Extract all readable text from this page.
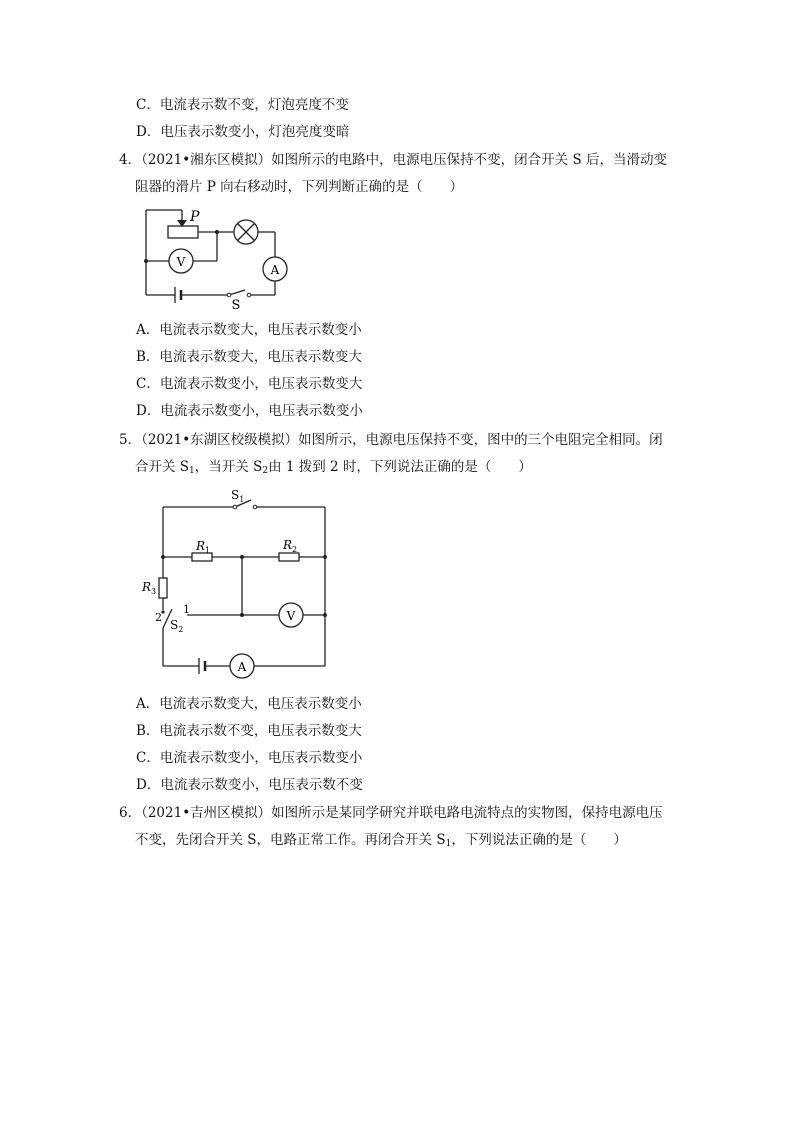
C．电流表示数不变，灯泡亮度不变
D．电压表示数变小，灯泡亮度变暗
4．（2021•湘东区模拟）如图所示的电路中，电源电压保持不变，闭合开关 S 后，当滑动变
阻器的滑片 P 向右移动时，下列判断正确的是（　　）
P
V
A
S
A．电流表示数变大，电压表示数变小
B．电流表示数变大，电压表示数变大
C．电流表示数变小，电压表示数变大
D．电流表示数变小，电压表示数变小
5．（2021•东湖区校级模拟）如图所示，电源电压保持不变，图中的三个电阻完全相同。闭
合开关 $S_1$，当开关 $S_2$由 1 拨到 2 时，下列说法正确的是（　　）
$S_1$
$R_1$	$R_2$
$R_3$
1
2
$S_2$
V
A
A．电流表示数变大，电压表示数变小
B．电流表示数不变，电压表示数变大
C．电流表示数变小，电压表示数变小
D．电流表示数变小，电压表示数不变
6．（2021•吉州区模拟）如图所示是某同学研究并联电路电流特点的实物图，保持电源电压
不变，先闭合开关 S，电路正常工作。再闭合开关 $S_1$，下列说法正确的是（　　）
